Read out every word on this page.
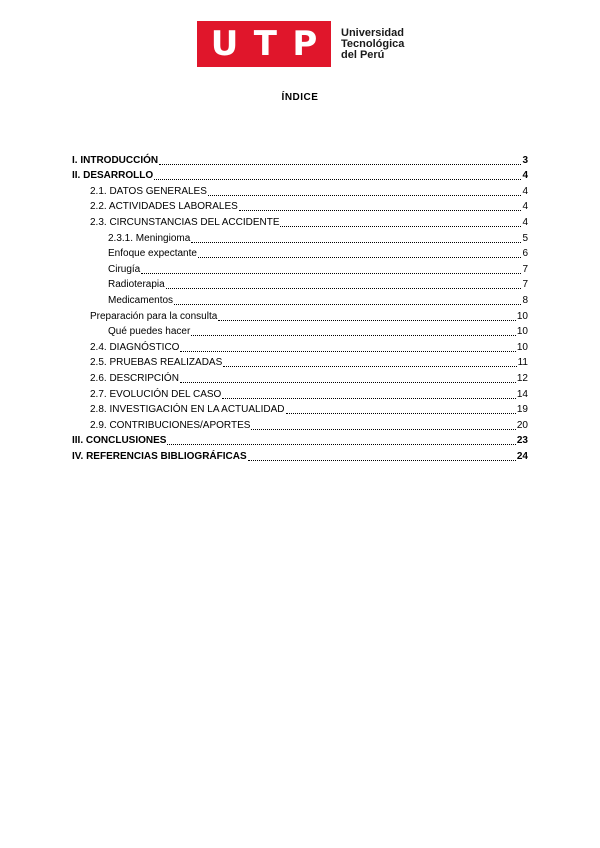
U T P Universidad
Tecnológica
del Perú
ÍNDICE
I. INTRODUCCIÓN	3
II. DESARROLLO	4
2.1. DATOS GENERALES	4
2.2. ACTIVIDADES LABORALES	4
2.3. CIRCUNSTANCIAS DEL ACCIDENTE	4
2.3.1. Meningioma	5
Enfoque expectante	6
Cirugía	7
Radioterapia	7
Medicamentos	8
Preparación para la consulta	10
Qué puedes hacer	10
2.4. DIAGNÓSTICO	10
2.5. PRUEBAS REALIZADAS	11
2.6. DESCRIPCIÓN	12
2.7. EVOLUCIÓN DEL CASO	14
2.8. INVESTIGACIÓN EN LA ACTUALIDAD	19
2.9. CONTRIBUCIONES/APORTES	20
III. CONCLUSIONES	23
IV. REFERENCIAS BIBLIOGRÁFICAS	24
